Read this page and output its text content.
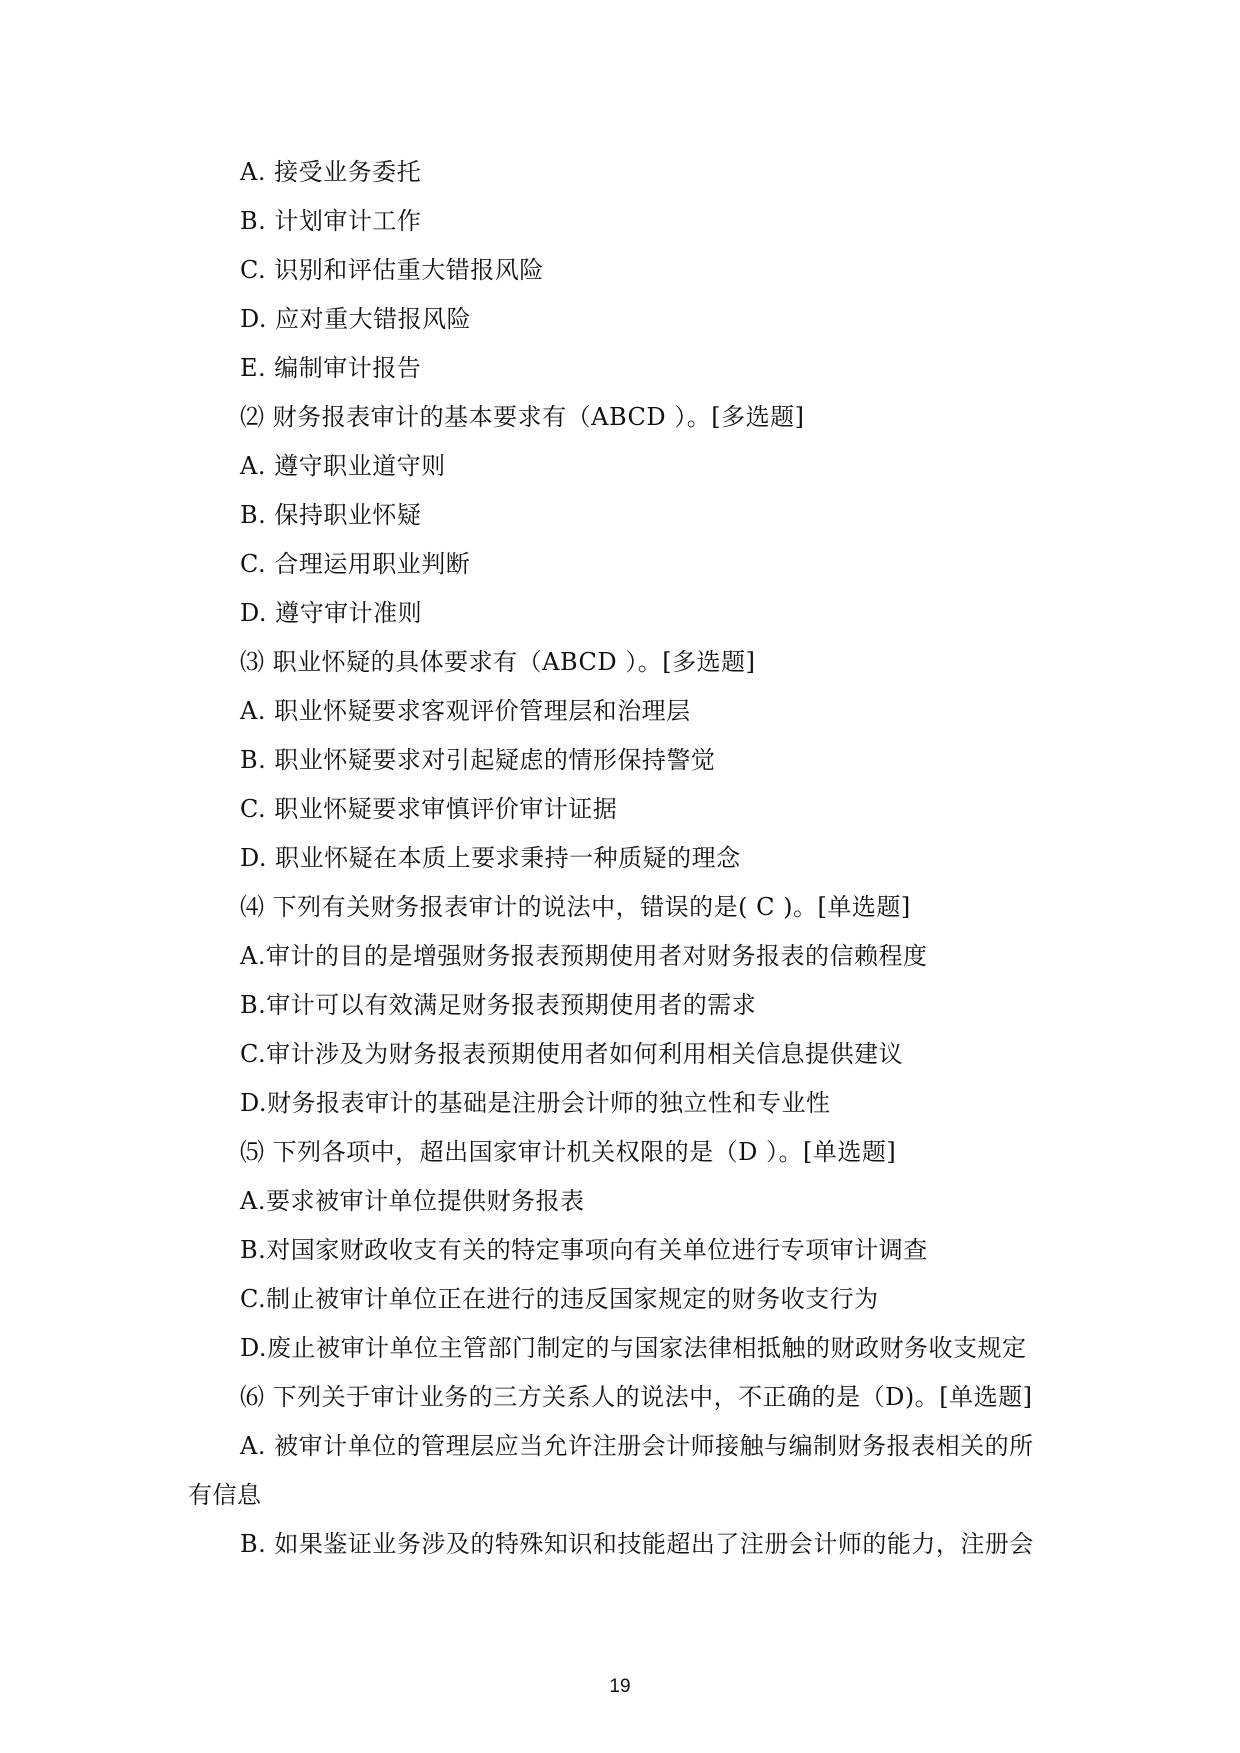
A. 接受业务委托
B. 计划审计工作
C. 识别和评估重大错报风险
D. 应对重大错报风险
E. 编制审计报告
⑵ 财务报表审计的基本要求有（ABCD ）。[多选题]
A. 遵守职业道守则
B. 保持职业怀疑
C. 合理运用职业判断
D. 遵守审计准则
⑶ 职业怀疑的具体要求有（ABCD ）。[多选题]
A. 职业怀疑要求客观评价管理层和治理层
B. 职业怀疑要求对引起疑虑的情形保持警觉
C. 职业怀疑要求审慎评价审计证据
D. 职业怀疑在本质上要求秉持一种质疑的理念
⑷ 下列有关财务报表审计的说法中，错误的是( C )。[单选题]
A.审计的目的是增强财务报表预期使用者对财务报表的信赖程度
B.审计可以有效满足财务报表预期使用者的需求
C.审计涉及为财务报表预期使用者如何利用相关信息提供建议
D.财务报表审计的基础是注册会计师的独立性和专业性
⑸ 下列各项中，超出国家审计机关权限的是（D ）。[单选题]
A.要求被审计单位提供财务报表
B.对国家财政收支有关的特定事项向有关单位进行专项审计调查
C.制止被审计单位正在进行的违反国家规定的财务收支行为
D.废止被审计单位主管部门制定的与国家法律相抵触的财政财务收支规定
⑹ 下列关于审计业务的三方关系人的说法中，不正确的是（D)。[单选题]
A. 被审计单位的管理层应当允许注册会计师接触与编制财务报表相关的所
有信息
B. 如果鉴证业务涉及的特殊知识和技能超出了注册会计师的能力，注册会
19
